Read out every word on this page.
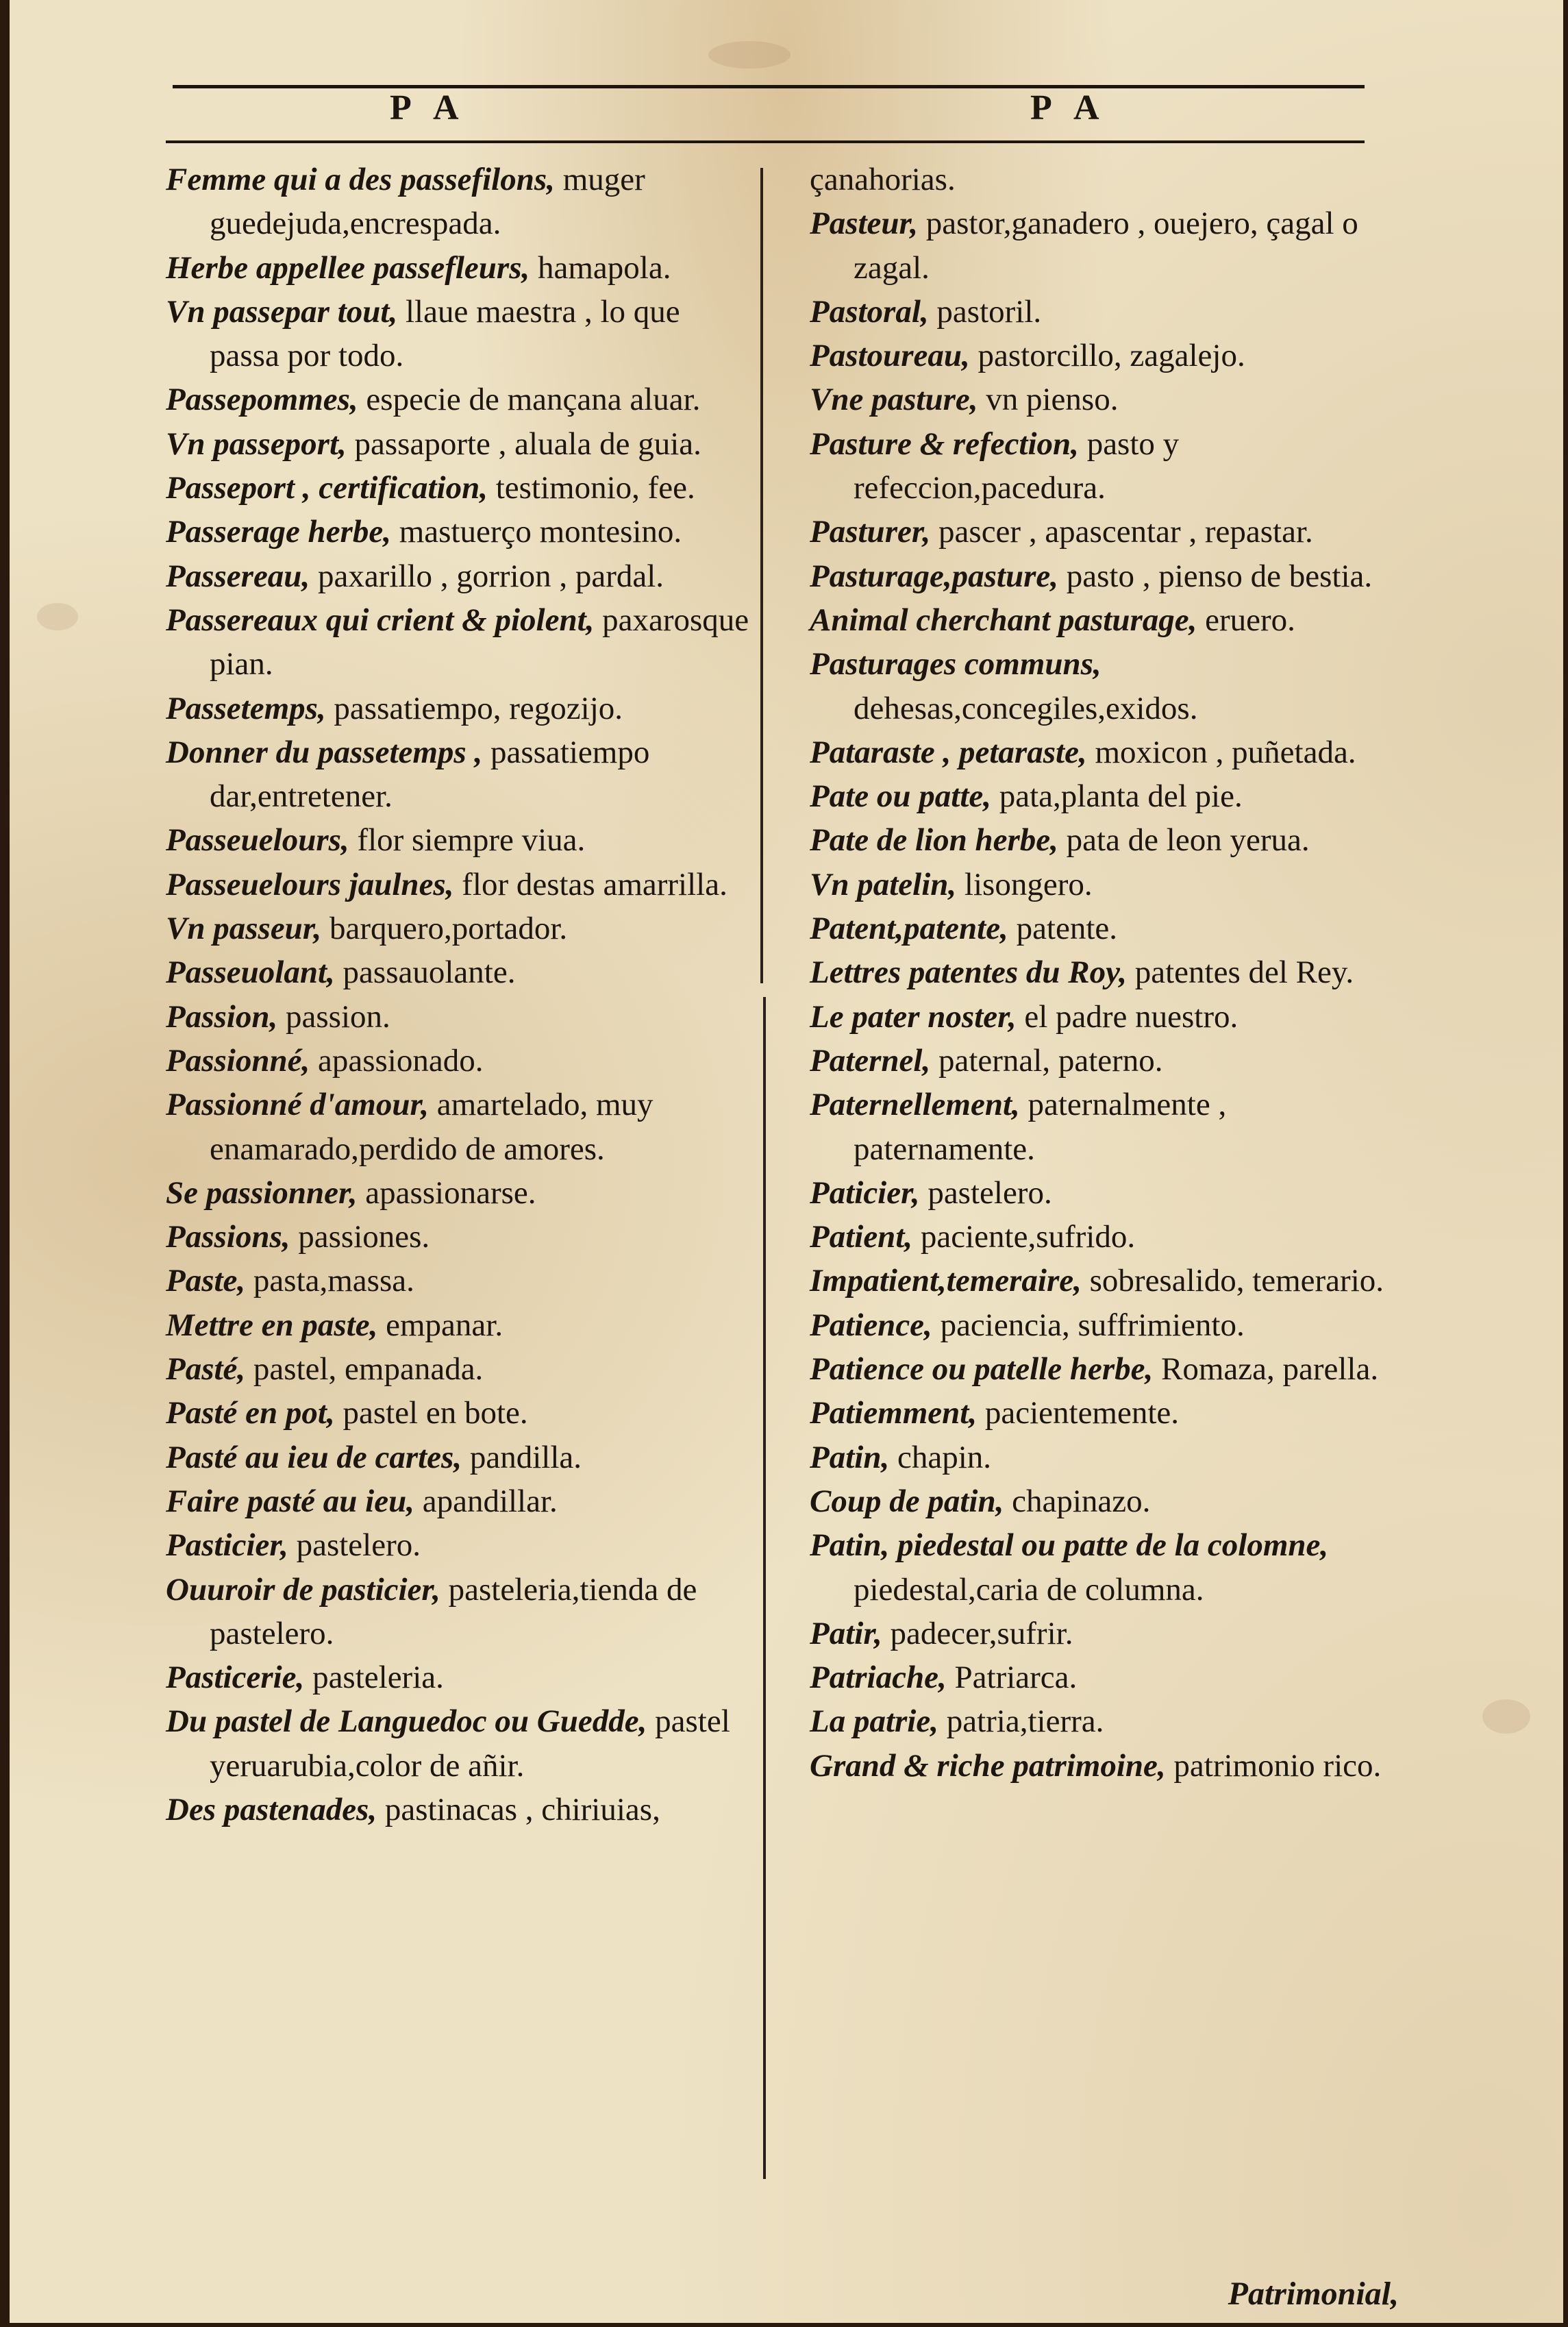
P A	P A
Femme qui a des passefilons, muger guedejuda,encrespada.
Herbe appellee passefleurs, hamapola.
Vn passepar tout, llaue maestra , lo que passa por todo.
Passepommes, especie de mançana aluar.
Vn passeport, passaporte , aluala de guia.
Passeport , certification, testimonio, fee.
Passerage herbe, mastuerço montesino.
Passereau, paxarillo , gorrion , pardal.
Passereaux qui crient & piolent, paxarosque pian.
Passetemps, passatiempo, regozijo.
Donner du passetemps , passatiempo dar,entretener.
Passeuelours, flor siempre viua.
Passeuelours jaulnes, flor destas amarrilla.
Vn passeur, barquero,portador.
Passeuolant, passauolante.
Passion, passion.
Passionné, apassionado.
Passionné d'amour, amartelado, muy enamarado,perdido de amores.
Se passionner, apassionarse.
Passions, passiones.
Paste, pasta,massa.
Mettre en paste, empanar.
Pasté, pastel, empanada.
Pasté en pot, pastel en bote.
Pasté au ieu de cartes, pandilla.
Faire pasté au ieu, apandillar.
Pasticier, pastelero.
Ouuroir de pasticier, pasteleria,tienda de pastelero.
Pasticerie, pasteleria.
Du pastel de Languedoc ou Guedde, pastel yeruarubia,color de añir.
Des pastenades, pastinacas , chiriuias,
çanahorias.
Pasteur, pastor,ganadero , ouejero, çagal o zagal.
Pastoral, pastoril.
Pastoureau, pastorcillo, zagalejo.
Vne pasture, vn pienso.
Pasture & refection, pasto y refeccion,pacedura.
Pasturer, pascer , apascentar , repastar.
Pasturage,pasture, pasto , pienso de bestia.
Animal cherchant pasturage, eruero.
Pasturages communs, dehesas,concegiles,exidos.
Pataraste , petaraste, moxicon , puñetada.
Pate ou patte, pata,planta del pie.
Pate de lion herbe, pata de leon yerua.
Vn patelin, lisongero.
Patent,patente, patente.
Lettres patentes du Roy, patentes del Rey.
Le pater noster, el padre nuestro.
Paternel, paternal, paterno.
Paternellement, paternalmente , paternamente.
Paticier, pastelero.
Patient, paciente,sufrido.
Impatient,temeraire, sobresalido, temerario.
Patience, paciencia, suffrimiento.
Patience ou patelle herbe, Romaza, parella.
Patiemment, pacientemente.
Patin, chapin.
Coup de patin, chapinazo.
Patin, piedestal ou patte de la colomne, piedestal,caria de columna.
Patir, padecer,sufrir.
Patriache, Patriarca.
La patrie, patria,tierra.
Grand & riche patrimoine, patrimonio rico.
Patrimonial,
